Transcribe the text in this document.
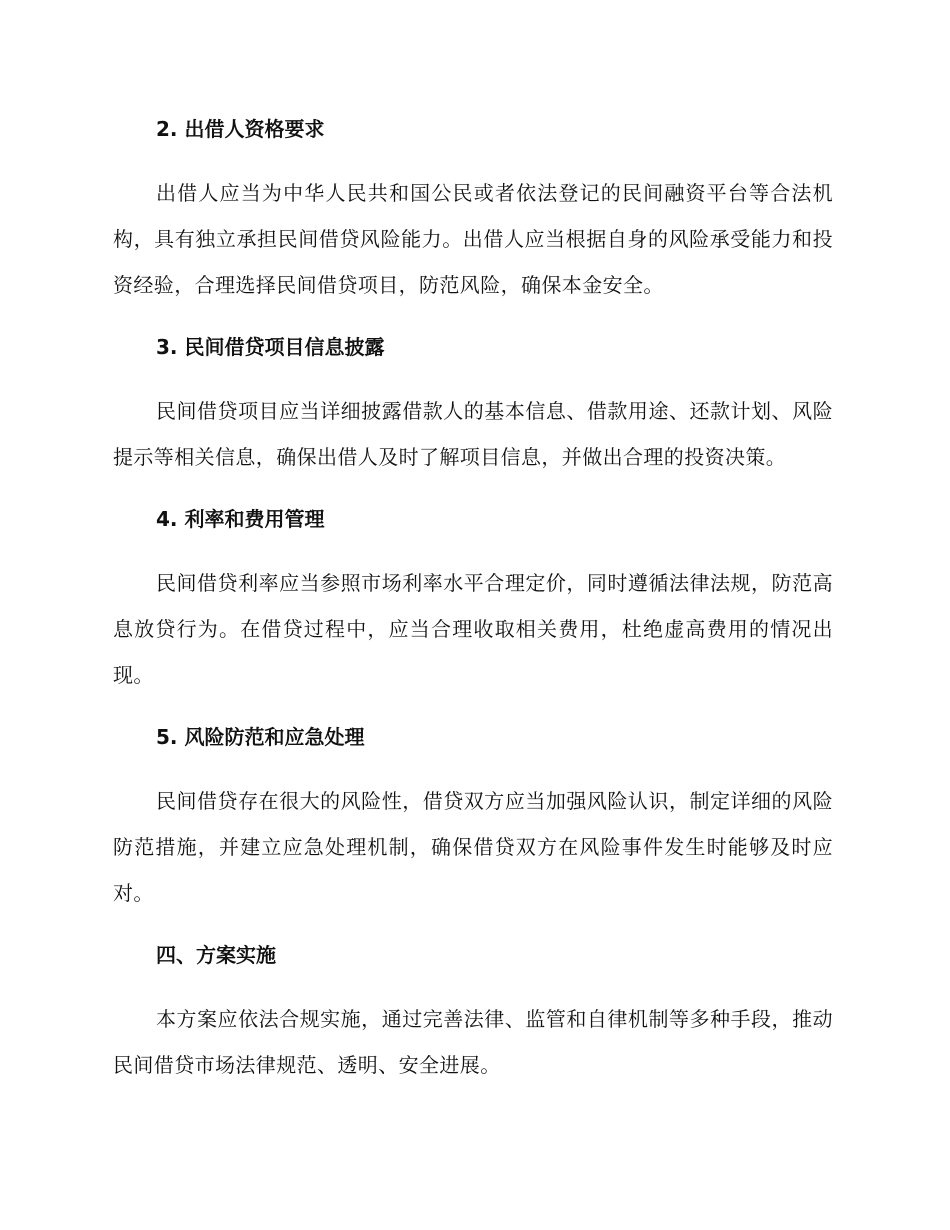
2. 出借人资格要求

出借人应当为中华人民共和国公民或者依法登记的民间融资平台等合法机构，具有独立承担民间借贷风险能力。出借人应当根据自身的风险承受能力和投资经验，合理选择民间借贷项目，防范风险，确保本金安全。

3. 民间借贷项目信息披露

民间借贷项目应当详细披露借款人的基本信息、借款用途、还款计划、风险提示等相关信息，确保出借人及时了解项目信息，并做出合理的投资决策。

4. 利率和费用管理

民间借贷利率应当参照市场利率水平合理定价，同时遵循法律法规，防范高息放贷行为。在借贷过程中，应当合理收取相关费用，杜绝虚高费用的情况出现。

5. 风险防范和应急处理

民间借贷存在很大的风险性，借贷双方应当加强风险认识，制定详细的风险防范措施，并建立应急处理机制，确保借贷双方在风险事件发生时能够及时应对。

四、方案实施

本方案应依法合规实施，通过完善法律、监管和自律机制等多种手段，推动民间借贷市场法律规范、透明、安全进展。
